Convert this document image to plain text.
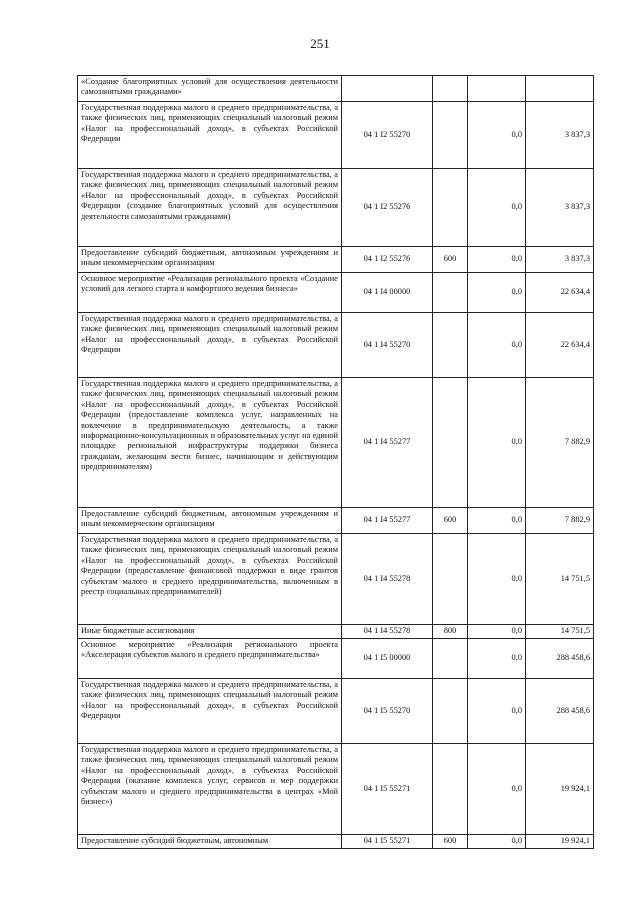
251
«Создание благоприятных условий для осуществления деятельности самозанятыми гражданами»				
Государственная поддержка малого и среднего предпринимательства, а также физических лиц, применяющих специальный налоговый режим «Налог на профессиональный доход», в субъектах Российской Федерации	04 1 I2 55270		0,0	3 837,3
Государственная поддержка малого и среднего предпринимательства, а также физических лиц, применяющих специальный налоговый режим «Налог на профессиональный доход», в субъектах Российской Федерации (создание благоприятных условий для осуществления деятельности самозанятыми гражданами)	04 1 I2 55276		0,0	3 837,3
Предоставление субсидий бюджетным, автономным учреждениям и иным некоммерческим организациям	04 1 I2 55276	600	0,0	3 837,3
Основное мероприятие «Реализация регионального проекта «Создание условий для легкого старта и комфортного ведения бизнеса»	04 1 I4 00000		0,0	22 634,4
Государственная поддержка малого и среднего предпринимательства, а также физических лиц, применяющих специальный налоговый режим «Налог на профессиональный доход», в субъектах Российской Федерации	04 1 I4 55270		0,0	22 634,4
Государственная поддержка малого и среднего предпринимательства, а также физических лиц, применяющих специальный налоговый режим «Налог на профессиональный доход», в субъектах Российской Федерации (предоставление комплекса услуг, направленных на вовлечение в предпринимательскую деятельность, а также информационно-консультационных и образовательных услуг на единой площадке региональной инфраструктуры поддержки бизнеса гражданам, желающим вести бизнес, начинающим и действующим предпринимателям)	04 1 I4 55277		0,0	7 882,9
Предоставление субсидий бюджетным, автономным учреждениям и иным некоммерческим организациям	04 1 I4 55277	600	0,0	7 882,9
Государственная поддержка малого и среднего предпринимательства, а также физических лиц, применяющих специальный налоговый режим «Налог на профессиональный доход», в субъектах Российской Федерации (предоставление финансовой поддержки в виде грантов субъектам малого и среднего предпринимательства, включенным в реестр социальных предпринимателей)	04 1 I4 55278		0,0	14 751,5
Иные бюджетные ассигнования	04 1 I4 55278	800	0,0	14 751,5
Основное мероприятие «Реализация регионального проекта «Акселерация субъектов малого и среднего предпринимательства»	04 1 I5 00000		0,0	288 458,6
Государственная поддержка малого и среднего предпринимательства, а также физических лиц, применяющих специальный налоговый режим «Налог на профессиональный доход», в субъектах Российской Федерации	04 1 I5 55270		0,0	288 458,6
Государственная поддержка малого и среднего предпринимательства, а также физических лиц, применяющих специальный налоговый режим «Налог на профессиональный доход», в субъектах Российской Федерации (оказание комплекса услуг, сервисов и мер поддержки субъектам малого и среднего предпринимательства в центрах «Мой бизнес»)	04 1 I5 55271		0,0	19 924,1
Предоставление субсидий бюджетным, автономным	04 1 I5 55271	600	0,0	19 924,1
